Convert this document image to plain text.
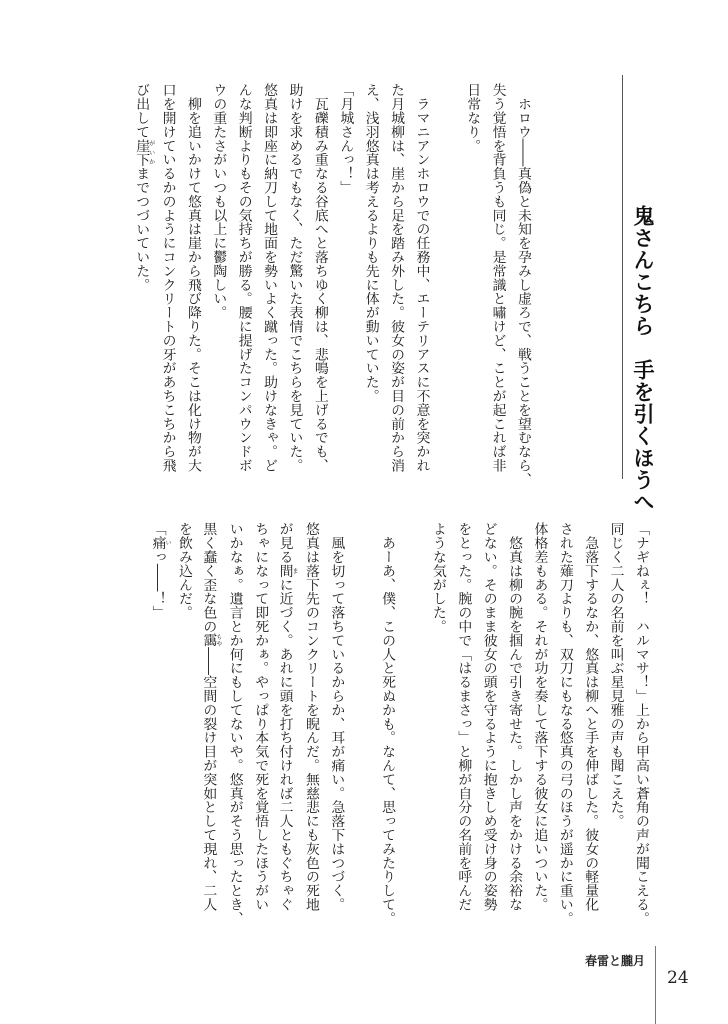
鬼さんこちら　手を引くほうへ
　ホロウ――真偽と未知を孕みし虚ろで、戦うことを望むなら、
失う覚悟を背負うも同じ。是常識と嘯けど、ことが起これば非
日常なり。
　ラマニアンホロウでの任務中、エーテリアスに不意を突かれ
た月城柳は、崖から足を踏み外した。彼女の姿が目の前から消
え、浅羽悠真は考えるよりも先に体が動いていた。
「月城さんっ！」
　瓦礫積み重なる谷底へと落ちゆく柳は、悲鳴を上げるでも、
助けを求めるでもなく、ただ驚いた表情でこちらを見ていた。
悠真は即座に納刀して地面を勢いよく蹴った。助けなきゃ。ど
んな判断よりもその気持ちが勝る。腰に提げたコンパウンドボ
ウの重たさがいつも以上に鬱陶しい。
　柳を追いかけて悠真は崖から飛び降りた。そこは化け物が大
口を開けているかのようにコンクリートの牙があちこちから飛
び出して崖下がいかまでつづいていた。
「ナギねぇ！　ハルマサ！」上から甲高い蒼角の声が聞こえる。
同じく二人の名前を叫ぶ星見雅の声も聞こえた。
　急落下するなか、悠真は柳へと手を伸ばした。彼女の軽量化
された薙刀よりも、双刀にもなる悠真の弓のほうが遥かに重い。
体格差もある。それが功を奏して落下する彼女に追いついた。
　悠真は柳の腕を掴んで引き寄せた。しかし声をかける余裕な
どない。そのまま彼女の頭を守るように抱きしめ受け身の姿勢
をとった。腕の中で「はるまさっ」と柳が自分の名前を呼んだ
ような気がした。
　あーあ、僕、この人と死ぬかも。なんて、思ってみたりして。
　風を切って落ちているからか、耳が痛い。急落下はつづく。
悠真は落下先のコンクリートを睨んだ。無慈悲にも灰色の死地
が見る間まに近づく。あれに頭を打ち付ければ二人ともぐちゃぐ
ちゃになって即死かぁ。やっぱり本気で死を覚悟したほうがい
いかなぁ。遺言とか何にもしてないや。悠真がそう思ったとき、
黒く蠢く歪な色の靄もや――空間の裂け目が突如として現れ、二人
を飲み込んだ。
「痛いっ――！」
春雷と朧月
24
